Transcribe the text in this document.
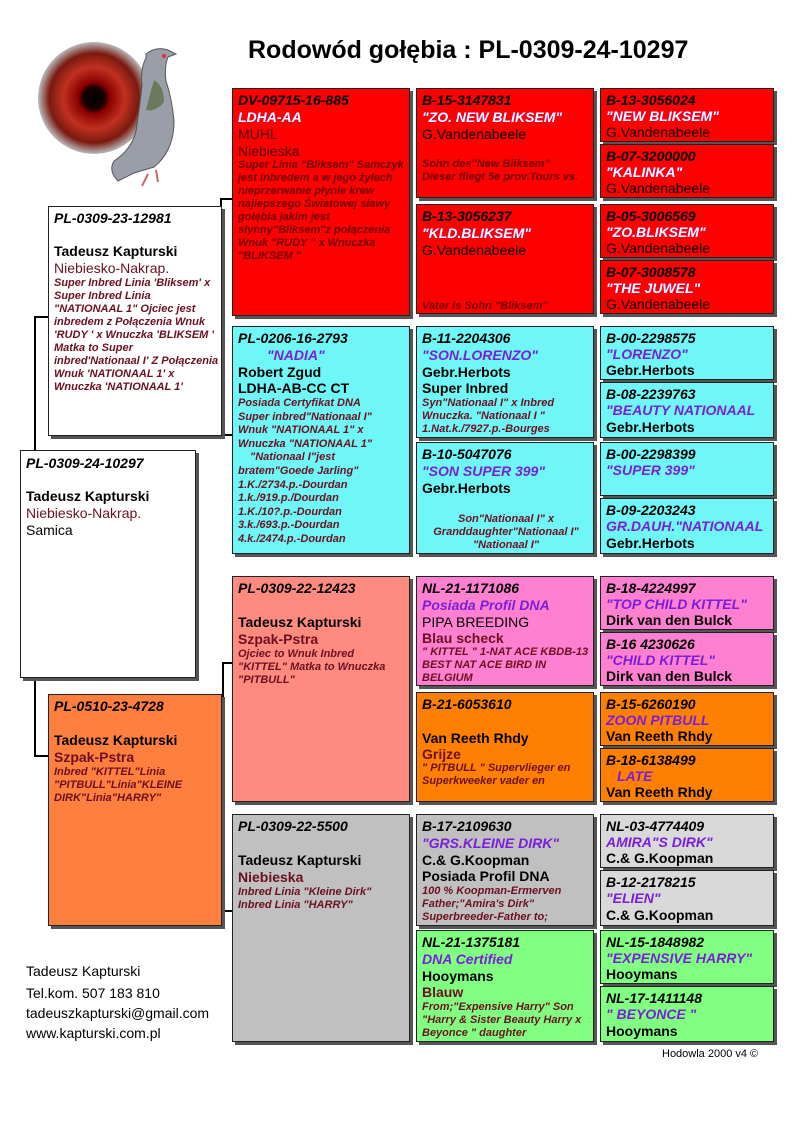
Rodowód gołębia : PL-0309-24-10297
PL-0309-23-12981
Tadeusz Kapturski
Niebiesko-Nakrap.
Super Inbred Linia 'Bliksem' x Super Inbred Linia "NATIONAAL 1" Ojciec jest inbredem z Połączenia Wnuk 'RUDY ' x Wnuczka 'BLIKSEM ' Matka to Super inbred'Nationaal I' Z Połączenia Wnuk 'NATIONAAL 1' x Wnuczka 'NATIONAAL 1'
PL-0309-24-10297
Tadeusz Kapturski
Niebiesko-Nakrap.
Samica
PL-0510-23-4728
Tadeusz Kapturski
Szpak-Pstra
Inbred "KITTEL"Linia "PITBULL"Linia"KLEINE DIRK"Linia"HARRY"
DV-09715-16-885
LDHA-AA
MUHL
Niebieska
Super Linia "Bliksem" Samczyk jest inbredem a w jego żyłach nieprzerwanie płynie krew najlepszego Światowej sławy gołębia jakim jest słynny"Bliksem"z połączenia Wnuk "RUDY " x Wnuczka "BLIKSEM "
PL-0206-16-2793
"NADIA"
Robert Zgud
LDHA-AB-CC CT
Posiada Certyfikat DNA
Super inbred"Nationaal I"
Wnuk "NATIONAAL 1" x
Wnuczka "NATIONAAL 1"
"Nationaal I"jest
bratem"Goede Jarling"
1.K./2734.p.-Dourdan
1.k./919.p./Dourdan
1.K./10?.p.-Dourdan
3.k./693.p.-Dourdan
4.k./2474.p.-Dourdan
PL-0309-22-12423
Tadeusz Kapturski
Szpak-Pstra
Ojciec to Wnuk Inbred "KITTEL" Matka to Wnuczka "PITBULL"
PL-0309-22-5500
Tadeusz Kapturski
Niebieska
Inbred Linia "Kleine Dirk" Inbred Linia "HARRY"
B-15-3147831
"ZO. NEW BLIKSEM"
G.Vandenabeele
Sohn des"New Bliksem" Dieser fliegt 5e prov.Tours vs.
B-13-3056237
"KLD.BLIKSEM"
G.Vandenabeele

Vater is Sohn "Bliksem"

B-11-2204306
"SON.LORENZO"
Gebr.Herbots
Super Inbred
Syn"Nationaal I" x Inbred Wnuczka. "Nationaal I " 1.Nat.k./7927.p.-Bourges
B-10-5047076
"SON SUPER 399"
Gebr.Herbots
Son"Nationaal I" x Granddaughter"Nationaal I" "Nationaal I"
NL-21-1171086
Posiada Profil DNA
PIPA BREEDING
Blau scheck
" KITTEL " 1-NAT ACE KBDB-13 BEST NAT ACE BIRD IN BELGIUM
B-21-6053610
Van Reeth Rhdy
Grijze
" PITBULL " Supervlieger en Superkweeker vader en
B-17-2109630
"GRS.KLEINE DIRK"
C.& G.Koopman
Posiada Profil DNA
100 % Koopman-Ermerven Father;"Amira's Dirk" Superbreeder-Father to;
NL-21-1375181
DNA Certified
Hooymans
Blauw
From;"Expensive Harry" Son "Harry & Sister Beauty Harry x Beyonce " daughter
B-13-3056024
"NEW BLIKSEM"
G.Vandenabeele
B-07-3200000
"KALINKA"
G.Vandenabeele
B-05-3006569
"ZO.BLIKSEM"
G.Vandenabeele
B-07-3008578
"THE JUWEL"
G.Vandenabeele
B-00-2298575
"LORENZO"
Gebr.Herbots
B-08-2239763
"BEAUTY NATIONAAL
Gebr.Herbots
B-00-2298399
"SUPER 399"
B-09-2203243
GR.DAUH."NATIONAAL
Gebr.Herbots
B-18-4224997
"TOP CHILD KITTEL"
Dirk van den Bulck
B-16 4230626
"CHILD KITTEL"
Dirk van den Bulck
B-15-6260190
ZOON PITBULL
Van Reeth Rhdy
B-18-6138499
LATE
Van Reeth Rhdy
NL-03-4774409
AMIRA"S DIRK"
C.& G.Koopman
B-12-2178215
"ELIEN"
C.& G.Koopman
NL-15-1848982
"EXPENSIVE HARRY"
Hooymans
NL-17-1411148
" BEYONCE "
Hooymans
Tadeusz Kapturski
Tel.kom. 507 183 810
tadeuszkapturski@gmail.com
www.kapturski.com.pl
Hodowla 2000 v4 ©
